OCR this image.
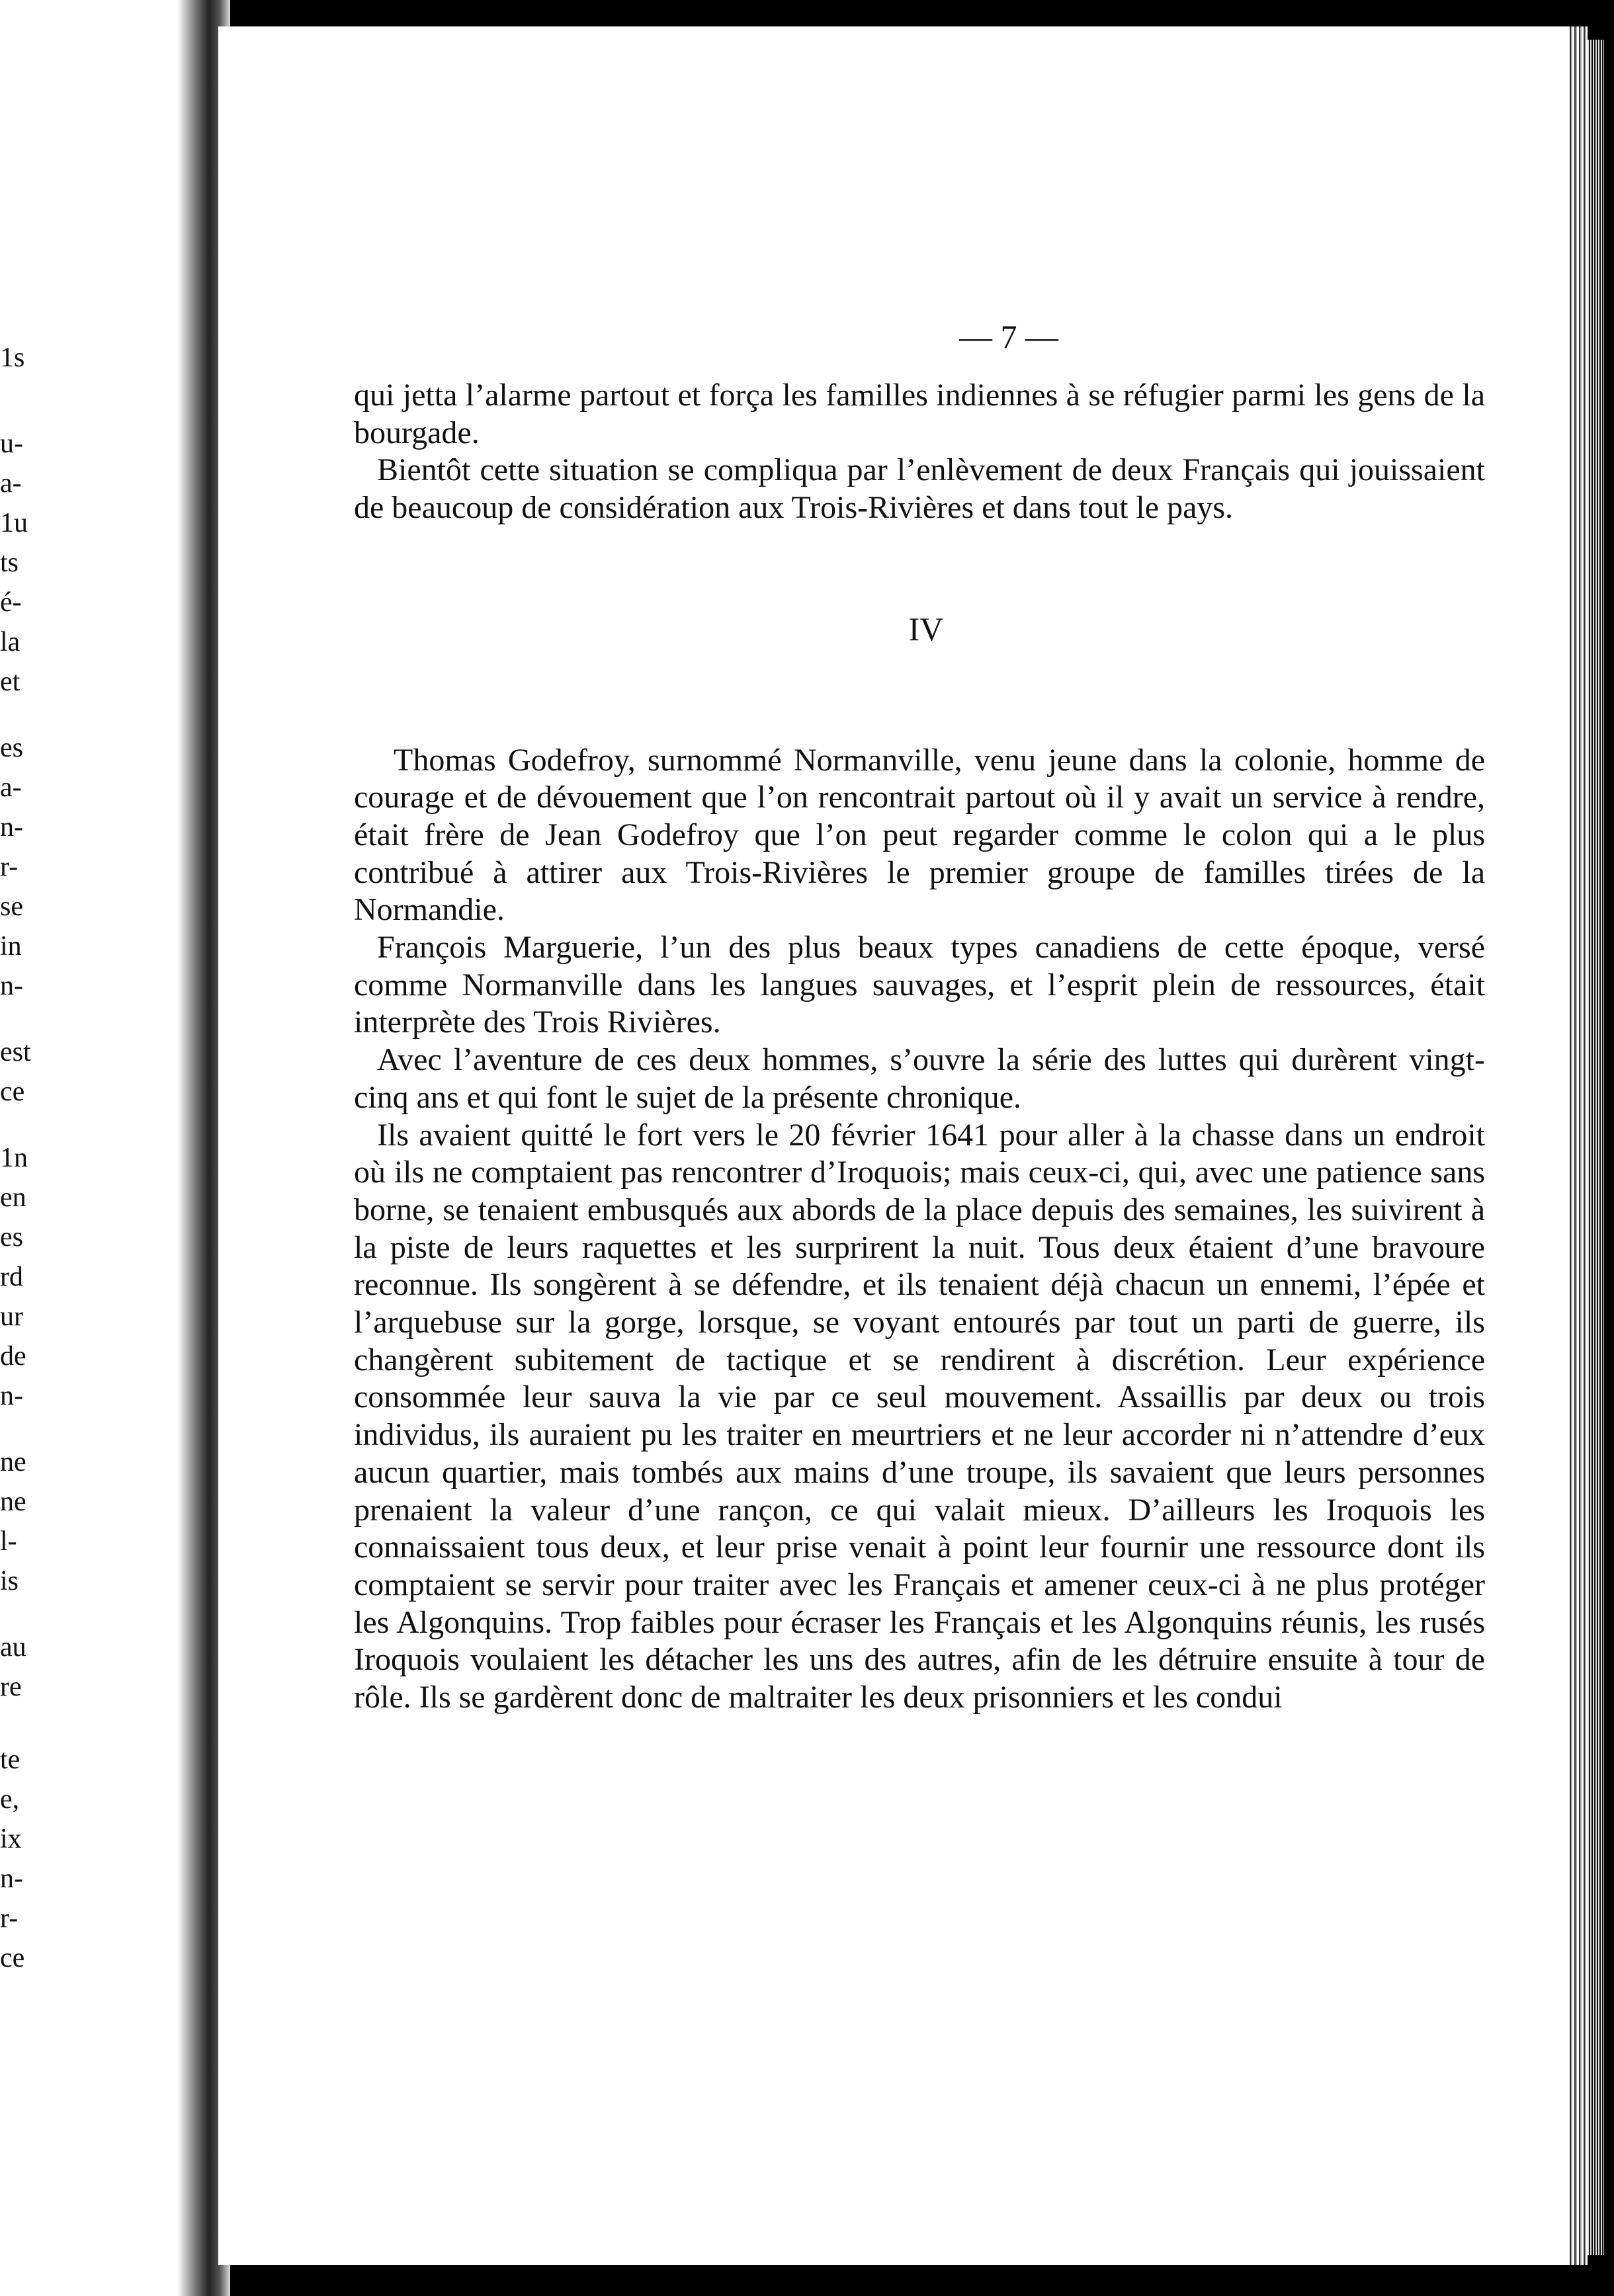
1s
u-
a-
1u
ts
é-
la
et
es
a-
n-
r-
se
in
n-
est
ce
1n
en
es
rd
ur
de
n-
ne
ne
l-
is
au
re
te
e,
ix
n-
r-
ce
— 7 —

qui jetta l’alarme partout et força les familles indiennes à se réfugier parmi les gens de la bourgade.

Bientôt cette situation se compliqua par l’enlèvement de deux Français qui jouissaient de beaucoup de considération aux Trois-Rivières et dans tout le pays.

IV

Thomas Godefroy, surnommé Normanville, venu jeune dans la colonie, homme de courage et de dévouement que l’on rencontrait partout où il y avait un service à rendre, était frère de Jean Godefroy que l’on peut regarder comme le colon qui a le plus contribué à attirer aux Trois-Rivières le premier groupe de familles tirées de la Normandie.

François Marguerie, l’un des plus beaux types canadiens de cette époque, versé comme Normanville dans les langues sauvages, et l’esprit plein de ressources, était interprète des Trois Rivières.

Avec l’aventure de ces deux hommes, s’ouvre la série des luttes qui durèrent vingt-cinq ans et qui font le sujet de la présente chronique.

Ils avaient quitté le fort vers le 20 février 1641 pour aller à la chasse dans un endroit où ils ne comptaient pas rencontrer d’Iroquois; mais ceux-ci, qui, avec une patience sans borne, se tenaient embusqués aux abords de la place depuis des semaines, les suivirent à la piste de leurs raquettes et les surprirent la nuit. Tous deux étaient d’une bravoure reconnue. Ils songèrent à se défendre, et ils tenaient déjà chacun un ennemi, l’épée et l’arquebuse sur la gorge, lorsque, se voyant entourés par tout un parti de guerre, ils changèrent subitement de tactique et se rendirent à discrétion. Leur expérience consommée leur sauva la vie par ce seul mouvement. Assaillis par deux ou trois individus, ils auraient pu les traiter en meurtriers et ne leur accorder ni n’attendre d’eux aucun quartier, mais tombés aux mains d’une troupe, ils savaient que leurs personnes prenaient la valeur d’une rançon, ce qui valait mieux. D’ailleurs les Iroquois les connaissaient tous deux, et leur prise venait à point leur fournir une ressource dont ils comptaient se servir pour traiter avec les Français et amener ceux-ci à ne plus protéger les Algonquins. Trop faibles pour écraser les Français et les Algonquins réunis, les rusés Iroquois voulaient les détacher les uns des autres, afin de les détruire ensuite à tour de rôle. Ils se gardèrent donc de maltraiter les deux prisonniers et les condui
